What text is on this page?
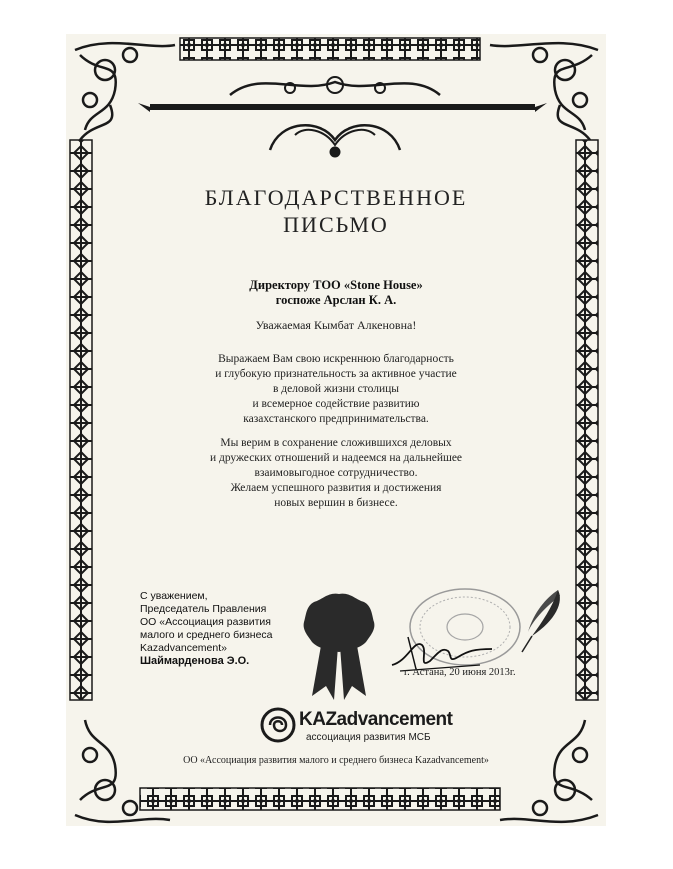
БЛАГОДАРСТВЕННОЕ
ПИСЬМО
Директору ТОО «Stone House»
госпоже Арслан К. А.
Уважаемая Кымбат Алкеновна!
Выражаем Вам свою искреннюю благодарность
и глубокую признательность за активное участие
в деловой жизни столицы
и всемерное содействие развитию
казахстанского предпринимательства.
Мы верим в сохранение сложившихся деловых
и дружеских отношений и надеемся на дальнейшее
взаимовыгодное сотрудничество.
Желаем успешного развития и достижения
новых вершин в бизнесе.
С уважением,
Председатель Правления
ОО «Ассоциация развития
малого и среднего бизнеса
Kazadvancement»
Шаймарденова Э.О.
г. Астана, 20 июня 2013г.
KAZadvancement
ассоциация развития МСБ
ОО «Ассоциация развития малого и среднего бизнеса Kazadvancement»
